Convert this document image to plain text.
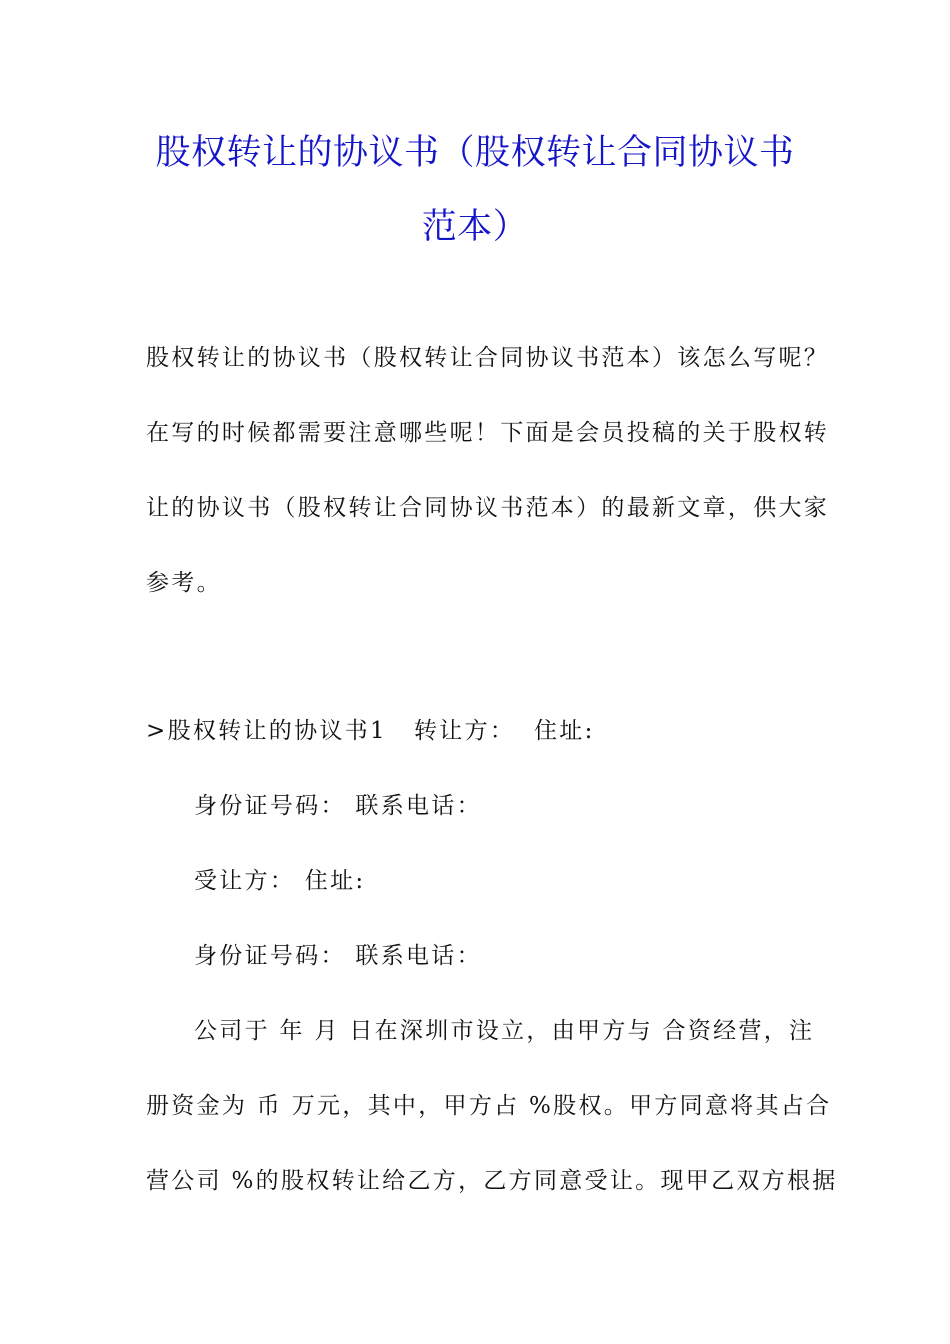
股权转让的协议书（股权转让合同协议书
范本）
股权转让的协议书（股权转让合同协议书范本）该怎么写呢？
在写的时候都需要注意哪些呢！下面是会员投稿的关于股权转
让的协议书（股权转让合同协议书范本）的最新文章，供大家
参考。
>股权转让的协议书1 转让方： 住址:
身份证号码： 联系电话：
受让方： 住址:
身份证号码： 联系电话：
公司于 年 月 日在深圳市设立，由甲方与 合资经营，注
册资金为 币 万元，其中，甲方占 %股权。甲方同意将其占合
营公司 %的股权转让给乙方，乙方同意受让。现甲乙双方根据
